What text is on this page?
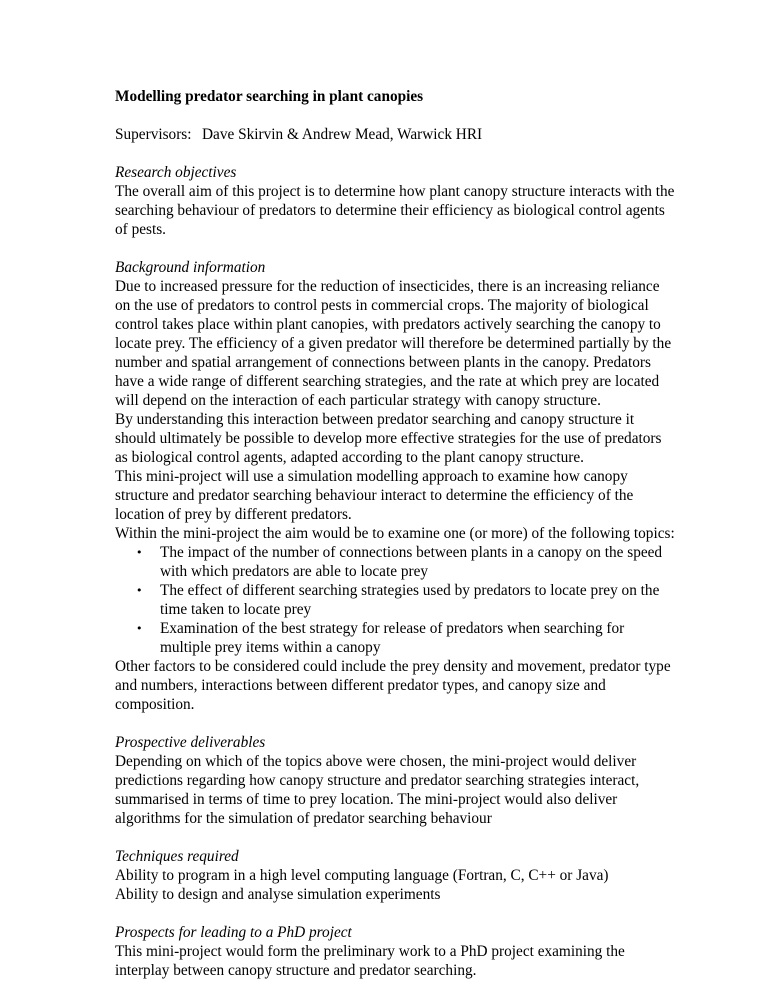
Modelling predator searching in plant canopies

Supervisors: Dave Skirvin & Andrew Mead, Warwick HRI

Research objectives

The overall aim of this project is to determine how plant canopy structure interacts with the searching behaviour of predators to determine their efficiency as biological control agents of pests.

Background information

Due to increased pressure for the reduction of insecticides, there is an increasing reliance on the use of predators to control pests in commercial crops. The majority of biological control takes place within plant canopies, with predators actively searching the canopy to locate prey. The efficiency of a given predator will therefore be determined partially by the number and spatial arrangement of connections between plants in the canopy. Predators have a wide range of different searching strategies, and the rate at which prey are located will depend on the interaction of each particular strategy with canopy structure.

By understanding this interaction between predator searching and canopy structure it should ultimately be possible to develop more effective strategies for the use of predators as biological control agents, adapted according to the plant canopy structure.

This mini-project will use a simulation modelling approach to examine how canopy structure and predator searching behaviour interact to determine the efficiency of the location of prey by different predators.

Within the mini-project the aim would be to examine one (or more) of the following topics:

• The impact of the number of connections between plants in a canopy on the speed with which predators are able to locate prey
• The effect of different searching strategies used by predators to locate prey on the time taken to locate prey
• Examination of the best strategy for release of predators when searching for multiple prey items within a canopy

Other factors to be considered could include the prey density and movement, predator type and numbers, interactions between different predator types, and canopy size and composition.

Prospective deliverables

Depending on which of the topics above were chosen, the mini-project would deliver predictions regarding how canopy structure and predator searching strategies interact, summarised in terms of time to prey location. The mini-project would also deliver algorithms for the simulation of predator searching behaviour

Techniques required

Ability to program in a high level computing language (Fortran, C, C++ or Java)

Ability to design and analyse simulation experiments

Prospects for leading to a PhD project

This mini-project would form the preliminary work to a PhD project examining the interplay between canopy structure and predator searching.
